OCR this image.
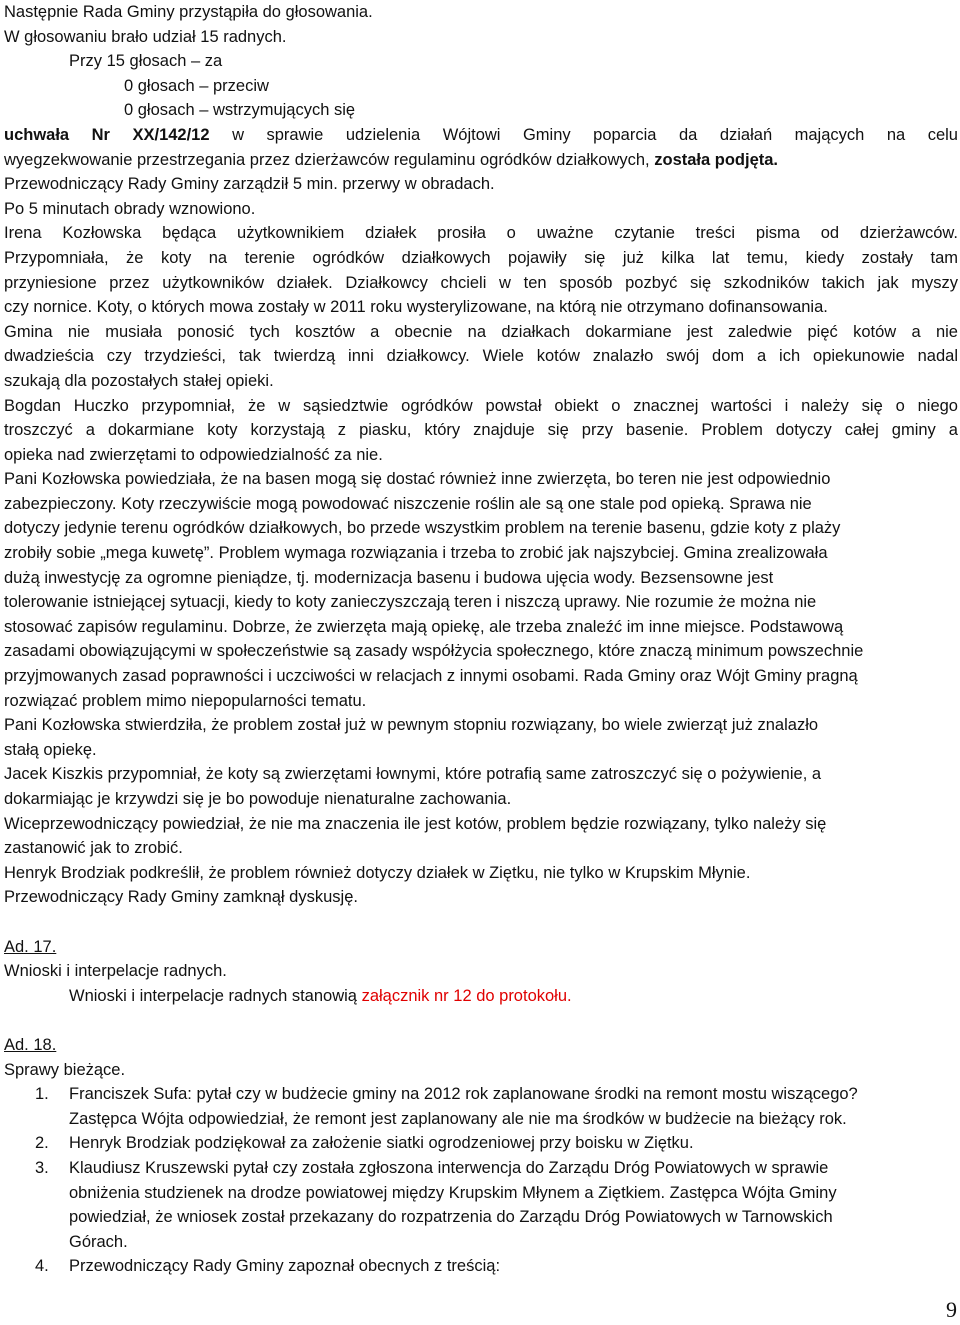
Następnie Rada Gminy przystąpiła do głosowania.
W głosowaniu brało udział 15 radnych.
Przy 15 głosach – za
0 głosach – przeciw
0 głosach – wstrzymujących się
uchwała Nr XX/142/12 w sprawie udzielenia Wójtowi Gminy poparcia da działań mających na celu
wyegzekwowanie przestrzegania przez dzierżawców regulaminu ogródków działkowych, została podjęta.
Przewodniczący Rady Gminy zarządził 5 min. przerwy w obradach.
Po 5 minutach obrady wznowiono.
Irena Kozłowska będąca użytkownikiem działek prosiła o uważne czytanie treści pisma od dzierżawców.
Przypomniała, że koty na terenie ogródków działkowych pojawiły się już kilka lat temu, kiedy zostały tam
przyniesione przez użytkowników działek. Działkowcy chcieli w ten sposób pozbyć się szkodników takich jak myszy
czy nornice. Koty, o których mowa zostały w 2011 roku wysterylizowane, na którą nie otrzymano dofinansowania.
Gmina nie musiała ponosić tych kosztów a obecnie na działkach dokarmiane jest zaledwie pięć kotów a nie
dwadzieścia czy trzydzieści, tak twierdzą inni działkowcy. Wiele kotów znalazło swój dom a ich opiekunowie nadal
szukają dla pozostałych stałej opieki.
Bogdan Huczko przypomniał, że w sąsiedztwie ogródków powstał obiekt o znacznej wartości i należy się o niego
troszczyć a dokarmiane koty korzystają z piasku, który znajduje się przy basenie. Problem dotyczy całej gminy a
opieka nad zwierzętami to odpowiedzialność za nie.
Pani Kozłowska powiedziała, że na basen mogą się dostać również inne zwierzęta, bo teren nie jest odpowiednio
zabezpieczony. Koty rzeczywiście mogą powodować niszczenie roślin ale są one stale pod opieką. Sprawa nie
dotyczy jedynie terenu ogródków działkowych, bo przede wszystkim problem na terenie basenu, gdzie koty z plaży
zrobiły sobie „mega kuwetę”. Problem wymaga rozwiązania i trzeba to zrobić jak najszybciej. Gmina zrealizowała
dużą inwestycję za ogromne pieniądze, tj. modernizacja basenu i budowa ujęcia wody. Bezsensowne jest
tolerowanie istniejącej sytuacji, kiedy to koty zanieczyszczają teren i niszczą uprawy. Nie rozumie że można nie
stosować zapisów regulaminu. Dobrze, że zwierzęta mają opiekę, ale trzeba znaleźć im inne miejsce. Podstawową
zasadami obowiązującymi w społeczeństwie są zasady współżycia społecznego, które znaczą minimum powszechnie
przyjmowanych zasad poprawności i uczciwości w relacjach z innymi osobami. Rada Gminy oraz Wójt Gminy pragną
rozwiązać problem mimo niepopularności tematu.
Pani Kozłowska stwierdziła, że problem został już w pewnym stopniu rozwiązany, bo wiele zwierząt już znalazło
stałą opiekę.
Jacek Kiszkis przypomniał, że koty są zwierzętami łownymi, które potrafią same zatroszczyć się o pożywienie, a
dokarmiając je krzywdzi się je bo powoduje nienaturalne zachowania.
Wiceprzewodniczący powiedział, że nie ma znaczenia ile jest kotów, problem będzie rozwiązany, tylko należy się
zastanowić jak to zrobić.
Henryk Brodziak podkreślił, że problem również dotyczy działek w Ziętku, nie tylko w Krupskim Młynie.
Przewodniczący Rady Gminy zamknął dyskusję.
Ad. 17.
Wnioski i interpelacje radnych.
Wnioski i interpelacje radnych stanowią załącznik nr 12 do protokołu.
Ad. 18.
Sprawy bieżące.
1. Franciszek Sufa: pytał czy w budżecie gminy na 2012 rok zaplanowane środki na remont mostu wiszącego?
Zastępca Wójta odpowiedział, że remont jest zaplanowany ale nie ma środków w budżecie na bieżący rok.
2. Henryk Brodziak podziękował za założenie siatki ogrodzeniowej przy boisku w Ziętku.
3. Klaudiusz Kruszewski pytał czy została zgłoszona interwencja do Zarządu Dróg Powiatowych w sprawie
obniżenia studzienek na drodze powiatowej między Krupskim Młynem a Ziętkiem. Zastępca Wójta Gminy
powiedział, że wniosek został przekazany do rozpatrzenia do Zarządu Dróg Powiatowych w Tarnowskich
Górach.
4. Przewodniczący Rady Gminy zapoznał obecnych z treścią:
9
